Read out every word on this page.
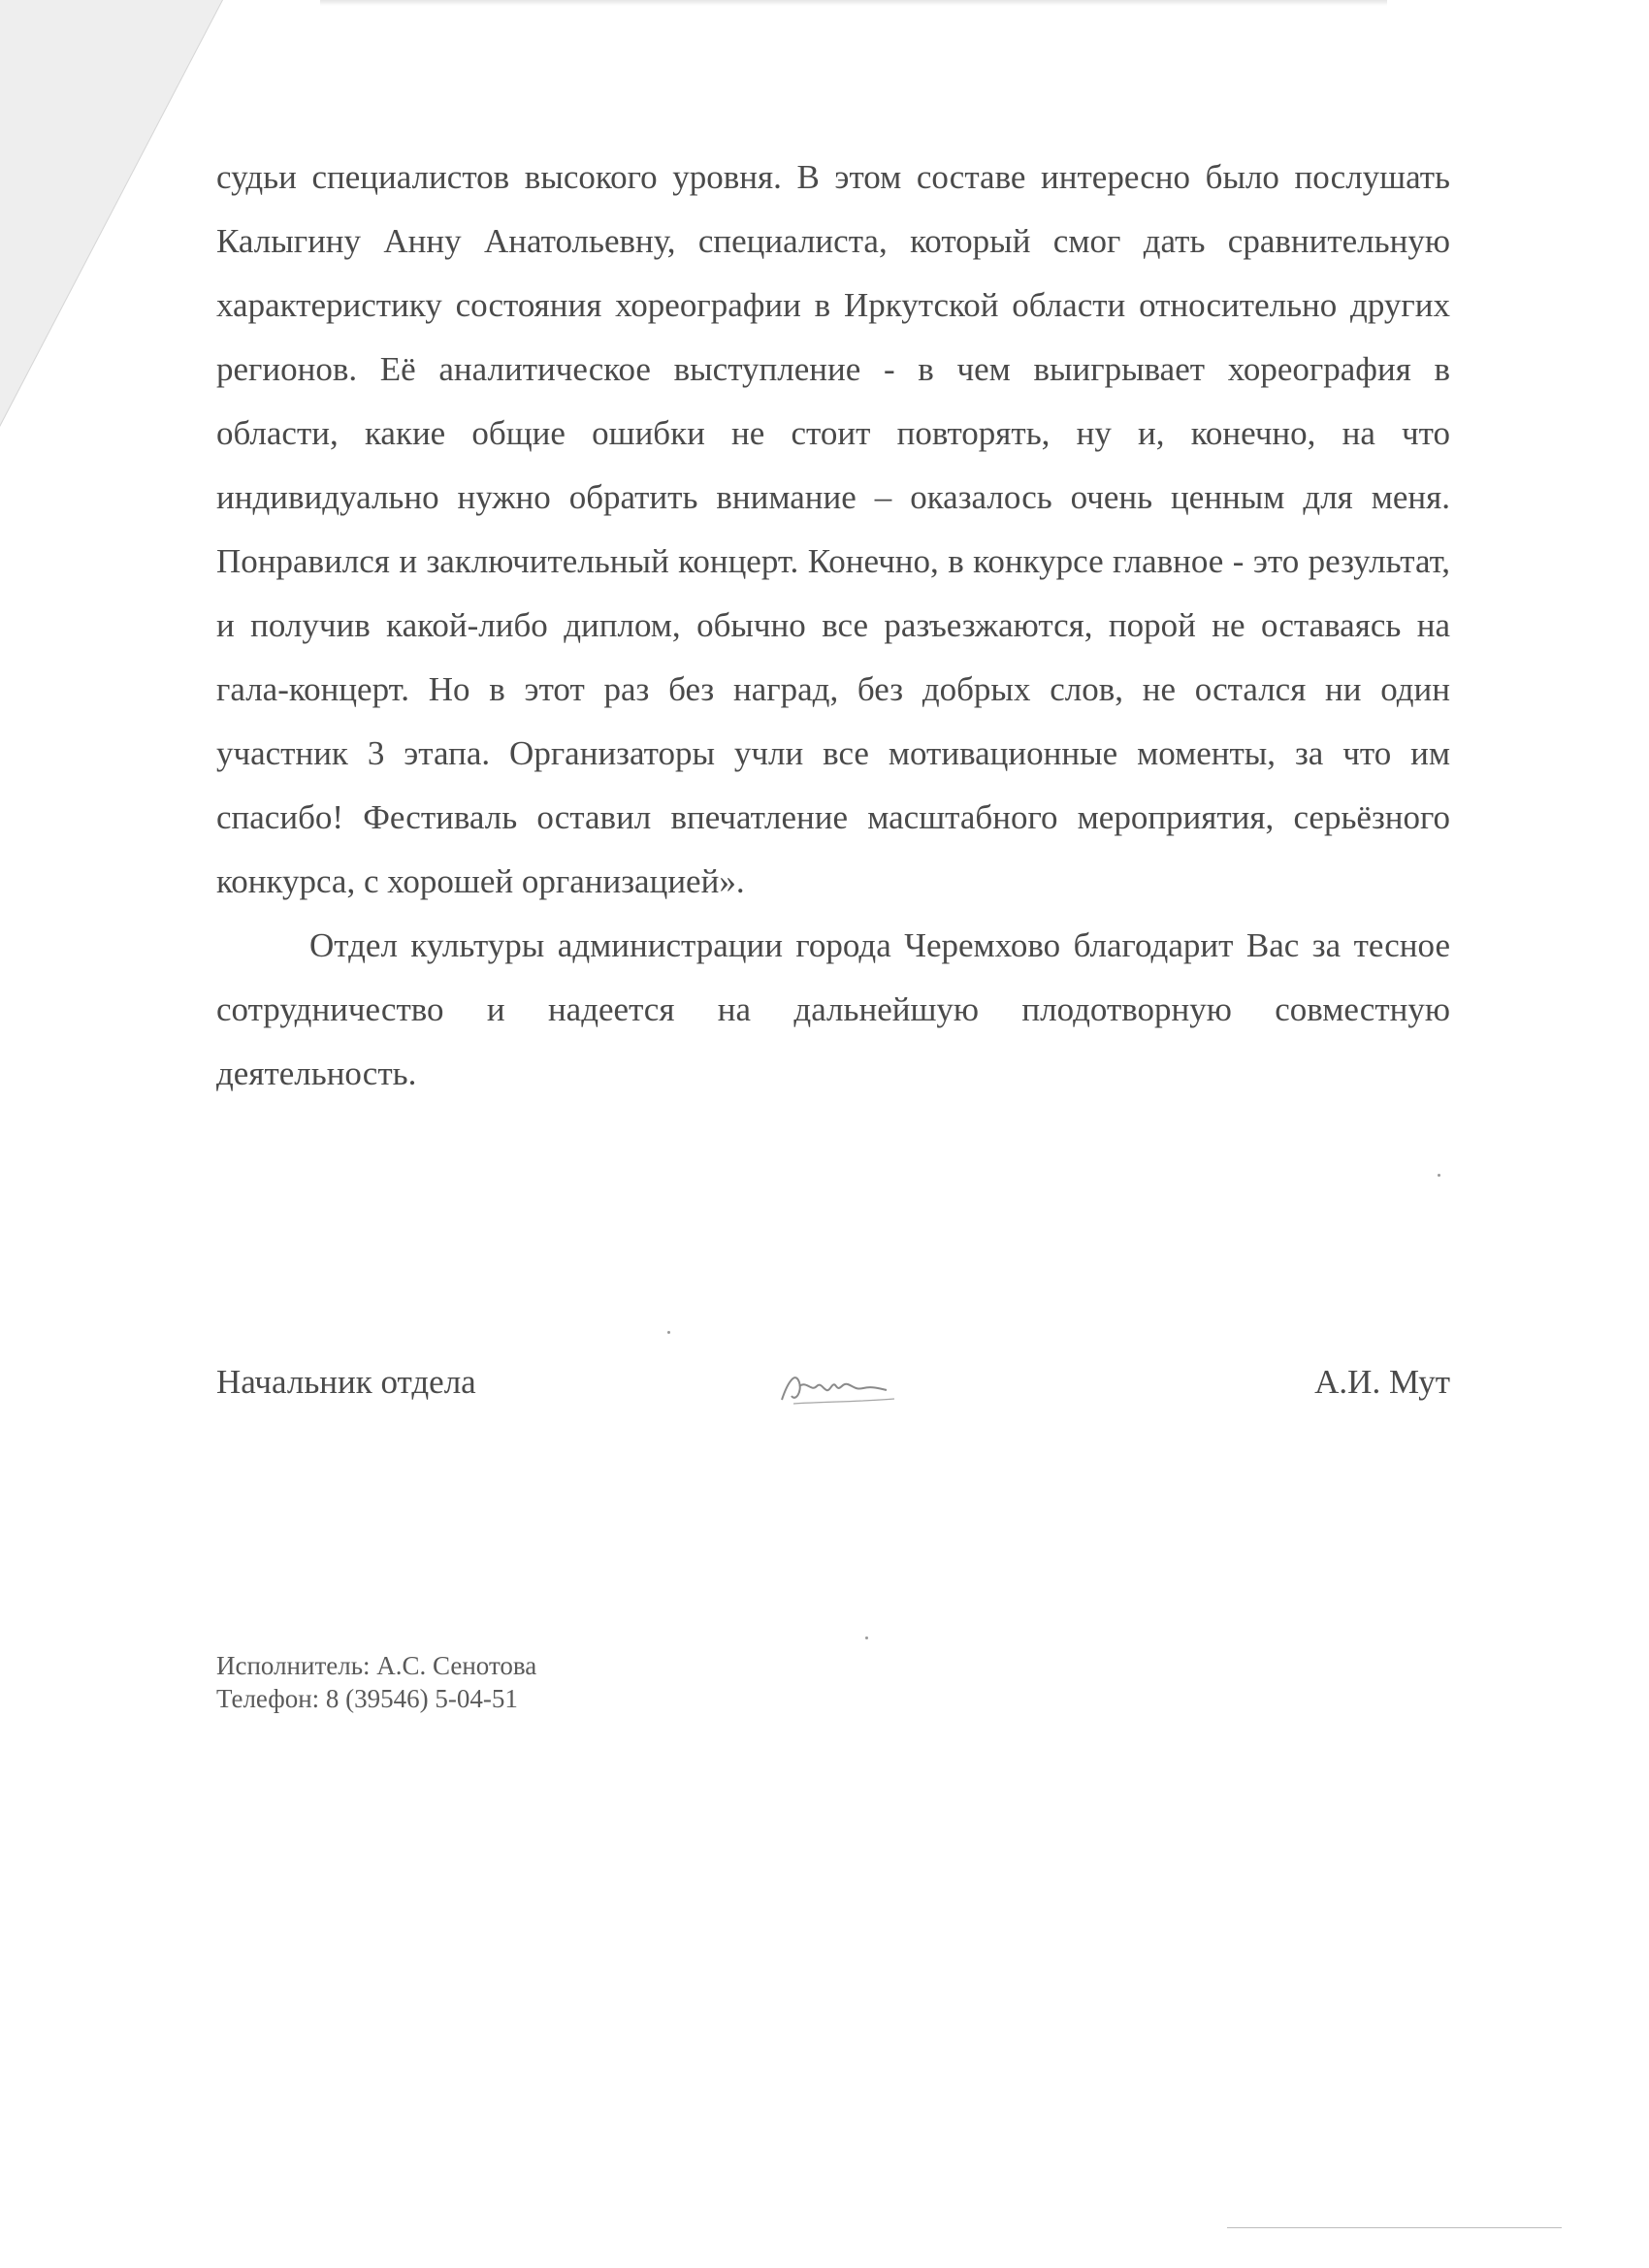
судьи специалистов высокого уровня. В этом составе интересно было послушать Калыгину Анну Анатольевну, специалиста, который смог дать сравнительную характеристику состояния хореографии в Иркутской области относительно других регионов. Её аналитическое выступление - в чем выигрывает хореография в области, какие общие ошибки не стоит повторять, ну и, конечно, на что индивидуально нужно обратить внимание – оказалось очень ценным для меня. Понравился и заключительный концерт. Конечно, в конкурсе главное - это результат, и получив какой-либо диплом, обычно все разъезжаются, порой не оставаясь на гала-концерт. Но в этот раз без наград, без добрых слов, не остался ни один участник 3 этапа. Организаторы учли все мотивационные моменты, за что им спасибо! Фестиваль оставил впечатление масштабного мероприятия, серьёзного конкурса, с хорошей организацией».

Отдел культуры администрации города Черемхово благодарит Вас за тесное сотрудничество и надеется на дальнейшую плодотворную совместную деятельность.

Начальник отдела	А.И. Мут
Исполнитель: А.С. Сенотова
Телефон: 8 (39546) 5-04-51
